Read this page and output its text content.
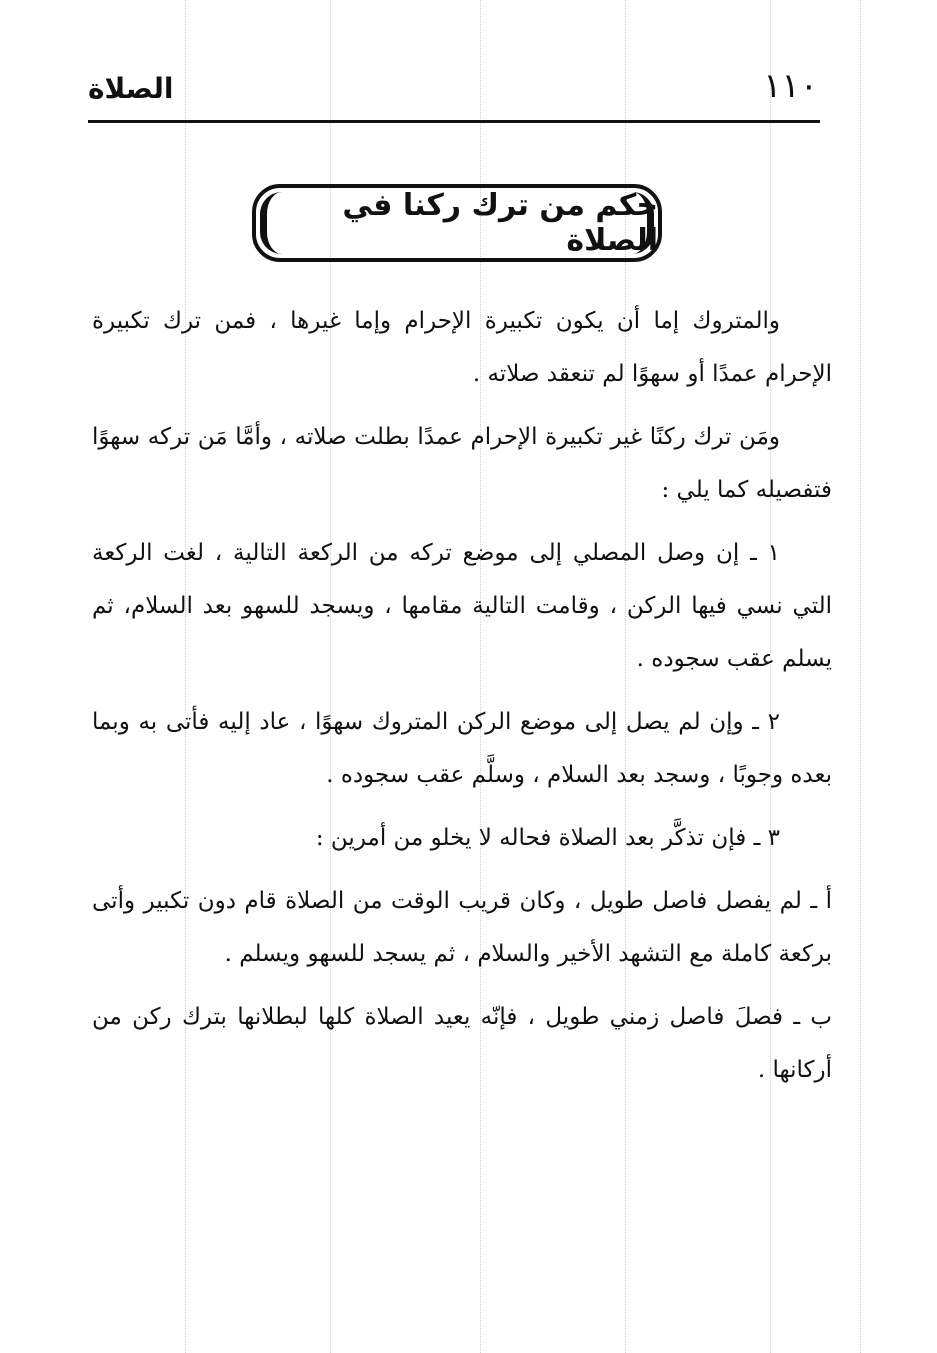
الصلاة	١١٠
حكم من ترك ركنا في الصلاة

والمتروك إما أن يكون تكبيرة الإحرام وإما غيرها ، فمن ترك تكبيرة الإحرام عمدًا أو سهوًا لم تنعقد صلاته .

ومَن ترك ركنًا غير تكبيرة الإحرام عمدًا بطلت صلاته ، وأمَّا مَن تركه سهوًا فتفصيله كما يلي :

١ ـ إن وصل المصلي إلى موضع تركه من الركعة التالية ، لغت الركعة التي نسي فيها الركن ، وقامت التالية مقامها ، ويسجد للسهو بعد السلام، ثم يسلم عقب سجوده .

٢ ـ وإن لم يصل إلى موضع الركن المتروك سهوًا ، عاد إليه فأتى به وبما بعده وجوبًا ، وسجد بعد السلام ، وسلَّم عقب سجوده .

٣ ـ فإن تذكَّر بعد الصلاة فحاله لا يخلو من أمرين :

أ ـ لم يفصل فاصل طويل ، وكان قريب الوقت من الصلاة قام دون تكبير وأتى بركعة كاملة مع التشهد الأخير والسلام ، ثم يسجد للسهو ويسلم .

ب ـ فصلَ فاصل زمني طويل ، فإنّه يعيد الصلاة كلها لبطلانها بترك ركن من أركانها .
